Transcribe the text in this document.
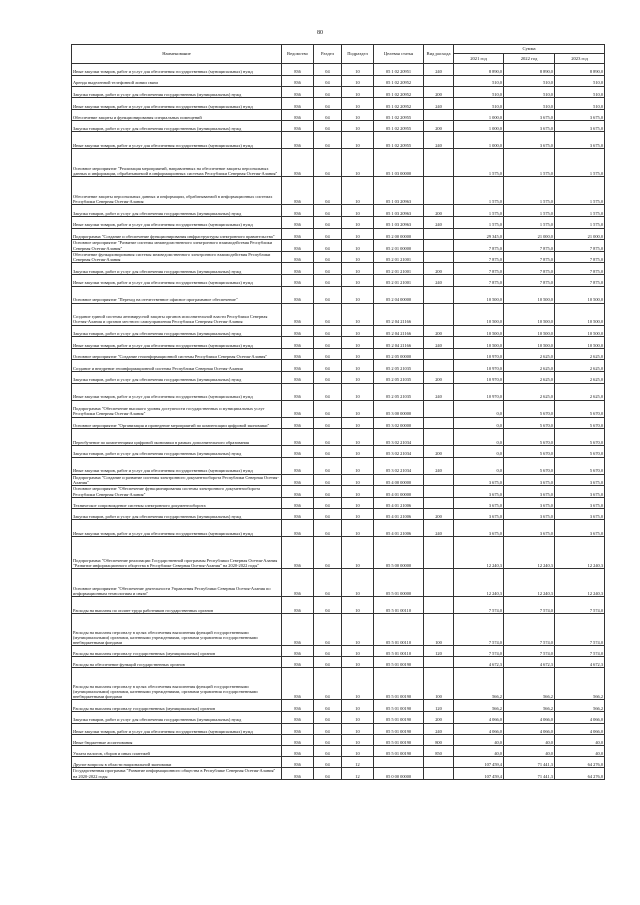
80
Наименование	Ведомство	Раздел	Подраздел	Целевая статья	Вид расхода	Сумма		
						2021 год	2022 год	2023 год
Иные закупки товаров, работ и услуг для обеспечения государственных (муниципальных) нужд	836	04	10	05 1 02 20951	240	8 890,0	8 890,0	8 890,0
Аренда выделенной телефонной линии связи	836	04	10	05 1 02 20952		510,0	510,0	510,0
Закупка товаров, работ и услуг для обеспечения государственных (муниципальных) нужд	836	04	10	05 1 02 20952	200	510,0	510,0	510,0
Иные закупки товаров, работ и услуг для обеспечения государственных (муниципальных) нужд	836	04	10	05 1 02 20952	240	510,0	510,0	510,0
Обеспечение защиты и функционирования специальных помещений	836	04	10	05 1 02 20955		1 000,0	3 675,0	3 675,0
Закупка товаров, работ и услуг для обеспечения государственных (муниципальных) нужд	836	04	10	05 1 02 20955	200	1 000,0	3 675,0	3 675,0
Иные закупки товаров, работ и услуг для обеспечения государственных (муниципальных) нужд	836	04	10	05 1 02 20955	240	1 000,0	3 675,0	3 675,0
Основное мероприятие "Реализация мероприятий, направленных на обеспечение защиты персональных данных и информации, обрабатываемой в информационных системах Республики Северная Осетия-Алания"	836	04	10	05 1 03 00000		1 575,0	1 575,0	1 575,0
Обеспечение защиты персональных данных и информации, обрабатываемой в информационных системах Республики Северная Осетия-Алания	836	04	10	05 1 03 20963		1 575,0	1 575,0	1 575,0
Закупка товаров, работ и услуг для обеспечения государственных (муниципальных) нужд	836	04	10	05 1 03 20963	200	1 575,0	1 575,0	1 575,0
Иные закупки товаров, работ и услуг для обеспечения государственных (муниципальных) нужд	836	04	10	05 1 03 20963	240	1 575,0	1 575,0	1 575,0
Подпрограмма "Создание и обеспечение функционирования инфраструктуры электронного правительства"	836	04	10	05 2 00 00000		29 345,0	21 000,0	21 000,0
Основное мероприятие "Развитие системы межведомственного электронного взаимодействия Республики Северная Осетия-Алания"	836	04	10	05 2 01 00000		7 875,0	7 875,0	7 875,0
Обеспечение функционирования системы межведомственного электронного взаимодействия Республики Северная Осетия-Алания	836	04	10	05 2 01 21001		7 875,0	7 875,0	7 875,0
Закупка товаров, работ и услуг для обеспечения государственных (муниципальных) нужд	836	04	10	05 2 01 21001	200	7 875,0	7 875,0	7 875,0
Иные закупки товаров, работ и услуг для обеспечения государственных (муниципальных) нужд	836	04	10	05 2 01 21001	240	7 875,0	7 875,0	7 875,0
Основное мероприятие "Переход на отечественное офисное программное обеспечение"	836	04	10	05 2 04 00000		10 500,0	10 500,0	10 500,0
Создание единой системы антивирусной защиты органов исполнительной власти Республики Северная Осетия-Алания и органов местного самоуправления Республики Северная Осетия-Алания	836	04	10	05 2 04 21166		10 500,0	10 500,0	10 500,0
Закупка товаров, работ и услуг для обеспечения государственных (муниципальных) нужд	836	04	10	05 2 04 21166	200	10 500,0	10 500,0	10 500,0
Иные закупки товаров, работ и услуг для обеспечения государственных (муниципальных) нужд	836	04	10	05 2 04 21166	240	10 500,0	10 500,0	10 500,0
Основное мероприятие "Создание геоинформационной системы Республики Северная Осетия-Алания"	836	04	10	05 2 05 00000		10 970,0	2 625,0	2 625,0
Создание и внедрение геоинформационной системы Республики Северная Осетия-Алания	836	04	10	05 2 05 21035		10 970,0	2 625,0	2 625,0
Закупка товаров, работ и услуг для обеспечения государственных (муниципальных) нужд	836	04	10	05 2 05 21035	200	10 970,0	2 625,0	2 625,0
Иные закупки товаров, работ и услуг для обеспечения государственных (муниципальных) нужд	836	04	10	05 2 05 21035	240	10 970,0	2 625,0	2 625,0
Подпрограмма "Обеспечение высокого уровня доступности государственных и муниципальных услуг Республики Северная Осетия-Алания"	836	04	10	05 3 00 00000		0,0	5 670,0	5 670,0
Основное мероприятие "Организация и проведение мероприятий по компенсации цифровой экономики"	836	04	10	05 3 02 00000		0,0	5 670,0	5 670,0
Переобучение по компетенциям цифровой экономики в рамках дополнительного образования	836	04	10	05 3 02 21034		0,0	5 670,0	5 670,0
Закупка товаров, работ и услуг для обеспечения государственных (муниципальных) нужд	836	04	10	05 3 02 21034	200	0,0	5 670,0	5 670,0
Иные закупки товаров, работ и услуг для обеспечения государственных (муниципальных) нужд	836	04	10	05 3 02 21034	240	0,0	5 670,0	5 670,0
Подпрограмма "Создание и развитие системы электронного документооборота Республики Северная Осетия-Алания"	836	04	10	05 4 00 00000		3 675,0	3 675,0	3 675,0
Основное мероприятие "Обеспечение функционирования системы электронного документооборота Республики Северная Осетия-Алания"	836	04	10	05 4 01 00000		3 675,0	3 675,0	3 675,0
Техническое сопровождение системы электронного документооборота	836	04	10	05 4 01 21006		3 675,0	3 675,0	3 675,0
Закупка товаров, работ и услуг для обеспечения государственных (муниципальных) нужд	836	04	10	05 4 01 21006	200	3 675,0	3 675,0	3 675,0
Иные закупки товаров, работ и услуг для обеспечения государственных (муниципальных) нужд	836	04	10	05 4 01 21006	240	3 675,0	3 675,0	3 675,0
Подпрограмма "Обеспечение реализации Государственной программы Республики Северная Осетия-Алания "Развитие информационного общества в Республике Северная Осетия-Алания" на 2020-2022 годы"	836	04	10	05 5 00 00000		12 240,3	12 240,3	12 240,3
Основное мероприятие "Обеспечение деятельности Управления Республики Северная Осетия-Алания по информационным технологиям и связи"	836	04	10	05 5 01 00000		12 240,3	12 240,3	12 240,3
Расходы на выплаты по оплате труда работников государственных органов	836	04	10	05 5 01 00110		7 574,0	7 574,0	7 574,0
Расходы на выплаты персоналу в целях обеспечения выполнения функций государственными (муниципальными) органами, казенными учреждениями, органами управления государственными внебюджетными фондами	836	04	10	05 5 01 00110	100	7 574,0	7 574,0	7 574,0
Расходы на выплаты персоналу государственных (муниципальных) органов	836	04	10	05 5 01 00110	120	7 574,0	7 574,0	7 574,0
Расходы на обеспечение функций государственных органов	836	04	10	05 5 01 00190		4 672,3	4 672,3	4 672,3
Расходы на выплаты персоналу в целях обеспечения выполнения функций государственными (муниципальными) органами, казенными учреждениями, органами управления государственными внебюджетными фондами	836	04	10	05 5 01 00190	100	566,2	566,2	566,2
Расходы на выплаты персоналу государственных (муниципальных) органов	836	04	10	05 5 01 00190	120	566,2	566,2	566,2
Закупка товаров, работ и услуг для обеспечения государственных (муниципальных) нужд	836	04	10	05 5 01 00190	200	4 066,0	4 066,0	4 066,0
Иные закупки товаров, работ и услуг для обеспечения государственных (муниципальных) нужд	836	04	10	05 5 01 00190	240	4 066,0	4 066,0	4 066,0
Иные бюджетные ассигнования	836	04	10	05 5 01 00190	800	40,0	40,0	40,0
Уплата налогов, сборов и иных платежей	836	04	10	05 5 01 00190	850	40,0	40,0	40,0
Другие вопросы в области национальной экономики	836	04	12			107 459,4	71 441,3	64 276,0
Государственная программа "Развитие информационного общества в Республике Северная Осетия-Алания" на 2020-2022 годы	836	04	12	05 0 00 00000		107 459,4	71 441,3	64 276,0
